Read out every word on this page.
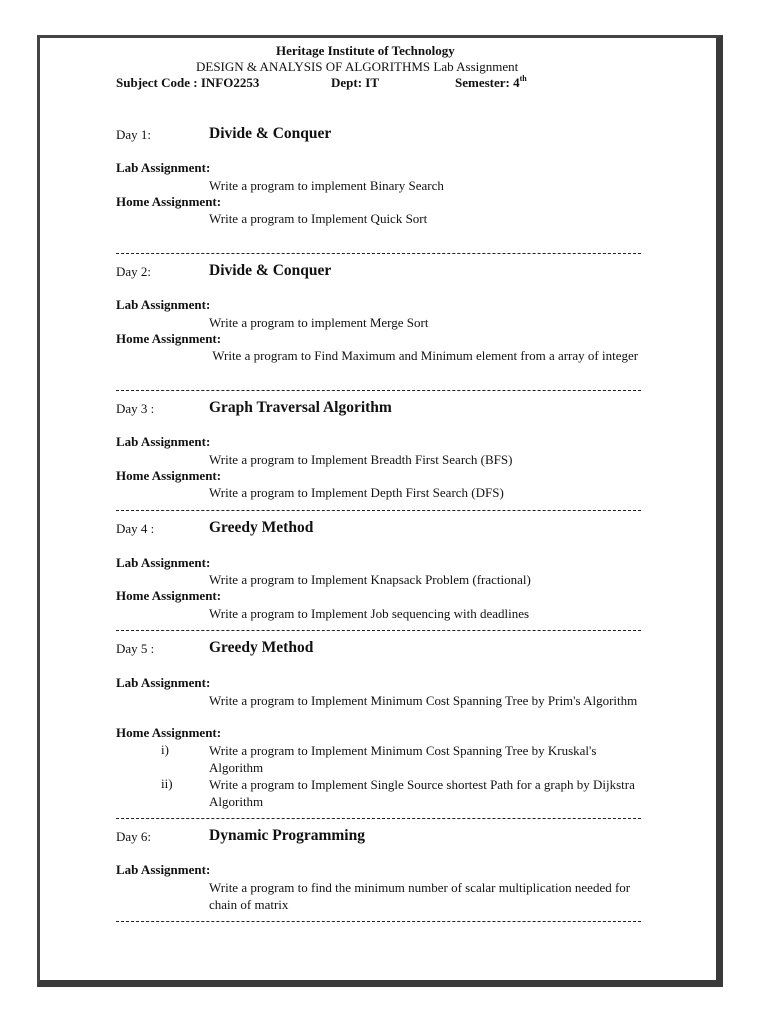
Heritage Institute of Technology
DESIGN & ANALYSIS OF ALGORITHMS Lab Assignment
Subject Code : INFO2253	Dept: IT	Semester: 4th
Day 1:	Divide & Conquer
Lab Assignment:
Write a program to implement Binary Search
Home Assignment:
Write a program to Implement Quick Sort
Day 2:	Divide & Conquer
Lab Assignment:
Write a program to implement Merge Sort
Home Assignment:
Write a program to Find Maximum and Minimum element from a array of integer
Day 3 :	Graph Traversal Algorithm
Lab Assignment:
Write a program to Implement Breadth First Search (BFS)
Home Assignment:
Write a program to Implement Depth First Search (DFS)
Day 4 :	Greedy Method
Lab Assignment:
Write a program to Implement Knapsack Problem (fractional)
Home Assignment:
Write a program to Implement Job sequencing with deadlines
Day 5 :	Greedy Method
Lab Assignment:
Write a program to Implement Minimum Cost Spanning Tree by Prim's Algorithm
Home Assignment:
i)	Write a program to Implement Minimum Cost Spanning Tree by Kruskal's Algorithm
ii)	Write a program to Implement Single Source shortest Path for a graph by Dijkstra Algorithm
Day 6:	Dynamic Programming
Lab Assignment:
Write a program to find the minimum number of scalar multiplication needed for chain of matrix
